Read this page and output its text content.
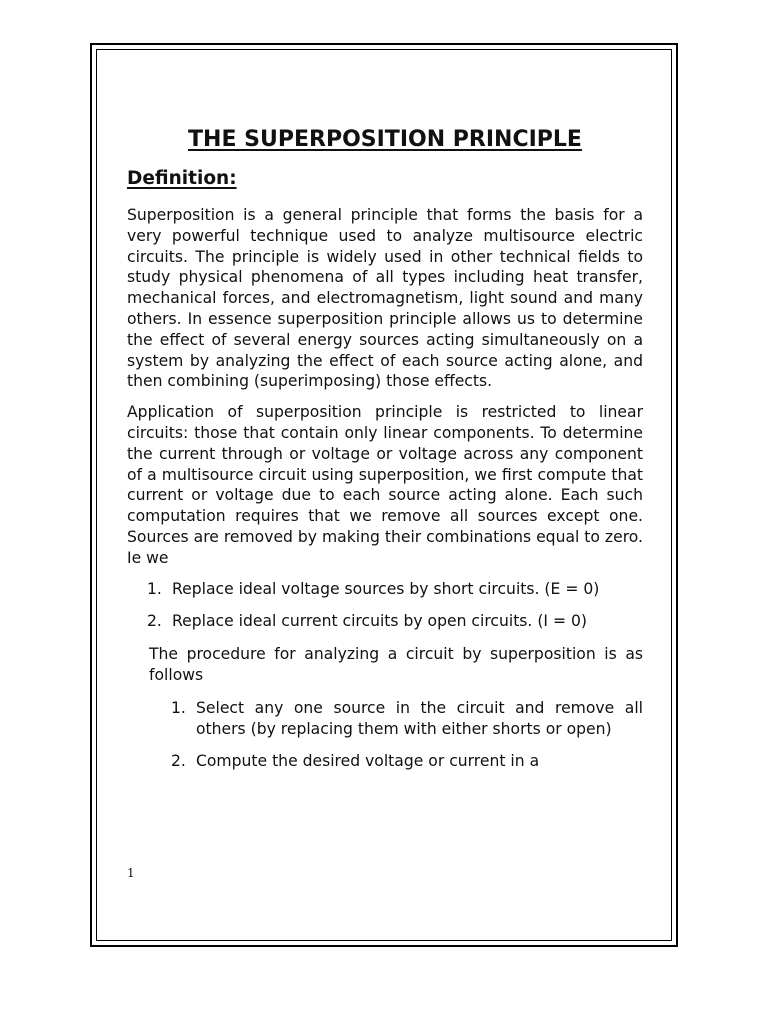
THE SUPERPOSITION PRINCIPLE
Definition:

Superposition is a general principle that forms the basis for a very powerful technique used to analyze multisource electric circuits. The principle is widely used in other technical fields to study physical phenomena of all types including heat transfer, mechanical forces, and electromagnetism, light sound and many others. In essence superposition principle allows us to determine the effect of several energy sources acting simultaneously on a system by analyzing the effect of each source acting alone, and then combining (superimposing) those effects.

Application of superposition principle is restricted to linear circuits: those that contain only linear components. To determine the current through or voltage or voltage across any component of a multisource circuit using superposition, we first compute that current or voltage due to each source acting alone. Each such computation requires that we remove all sources except one. Sources are removed by making their combinations equal to zero. Ie we

1. Replace ideal voltage sources by short circuits. (E = 0)
2. Replace ideal current circuits by open circuits. (I = 0)

The procedure for analyzing a circuit by superposition is as follows

1. Select any one source in the circuit and remove all others (by replacing them with either shorts or open)
2. Compute the desired voltage or current in a
1
